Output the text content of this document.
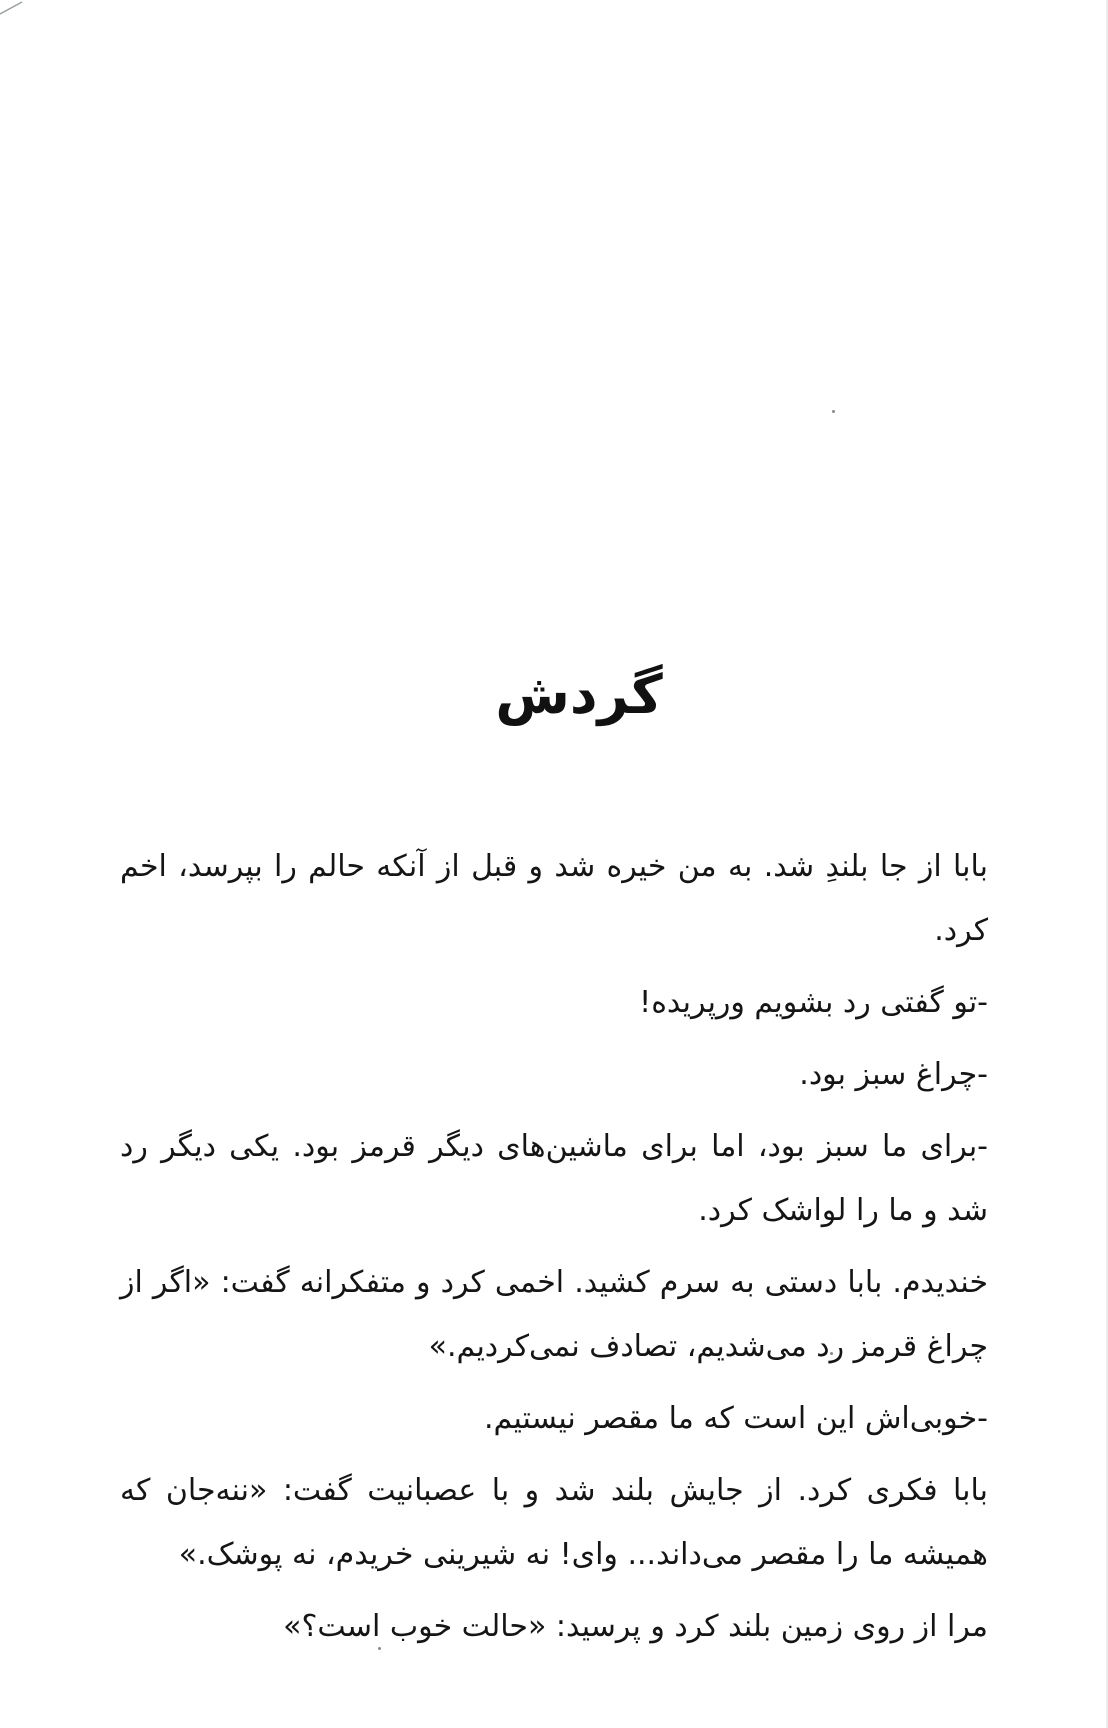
گردش

بابا از جا بلندِ شد. به من خیره شد و قبل از آنکه حالم را بپرسد، اخم کرد.

-تو گفتی رد بشویم ورپریده!

-چراغ سبز بود.

-برای ما سبز بود، اما برای ماشین‌های دیگر قرمز بود. یکی دیگر رد شد و ما را لواشک کرد.

خندیدم. بابا دستی به سرم کشید. اخمی کرد و متفکرانه گفت: «اگر از چراغ قرمز رد می‌شدیم، تصادف نمی‌کردیم.»

-خوبی‌اش این است که ما مقصر نیستیم.

بابا فکری کرد. از جایش بلند شد و با عصبانیت گفت: «ننه‌جان که همیشه ما را مقصر می‌داند... وای! نه شیرینی خریدم، نه پوشک.»

مرا از روی زمین بلند کرد و پرسید: «حالت خوب است؟»
